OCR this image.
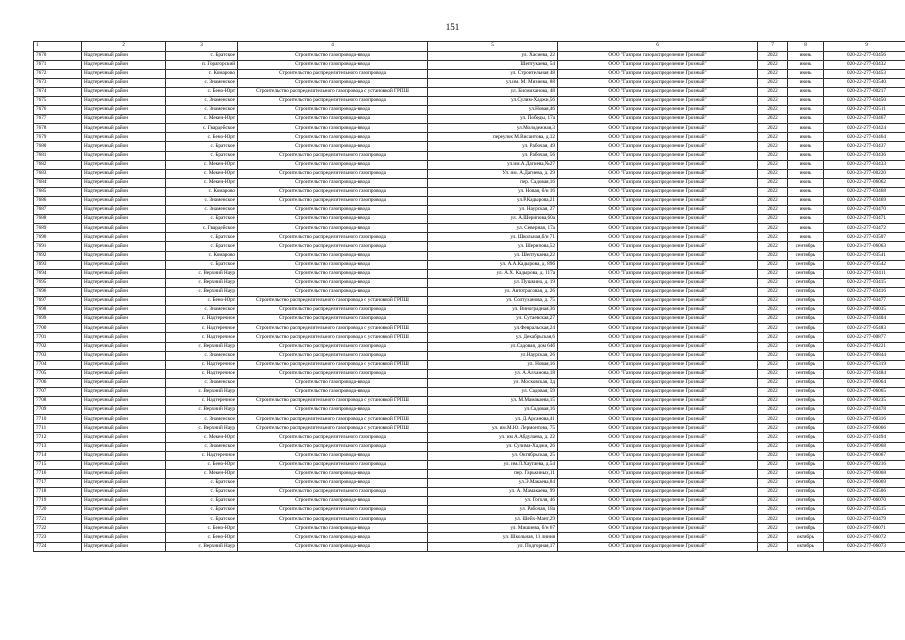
151
1	2	3	4	5	6	7	8	9
7670	Надтеречный район	с. Братское	Строительство газопровода-ввода	ул. Хасиева, 22	ООО "Газпром газораспределение Грозный"	2022	июнь	020-22-277-03456
7671	Надтеречный район	п. Горагорский	Строительство газопровода-ввода	Шептукаева, 54	ООО "Газпром газораспределение Грозный"	2022	июнь	020-22-277-03432
7672	Надтеречный район	с. Комарово	Строительство распределительного газопровода	ул. Строительная 48	ООО "Газпром газораспределение Грозный"	2022	июнь	020-22-277-03453
7673	Надтеречный район	с. Знаменское	Строительство газопровода-ввода	ул.им. М. Мизиева, 88	ООО "Газпром газораспределение Грозный"	2022	июнь	020-22-277-03540
7674	Надтеречный район	с. Бено-Юрт	Строительство распределительного газопровода с установкой ГРПШ	ул. Бисмиханова, 48	ООО "Газпром газораспределение Грозный"	2022	июнь	020-23-277-00217
7675	Надтеречный район	с. Знаменское	Строительство распределительного газопровода	ул.Сулим-Хаджи,56	ООО "Газпром газораспределение Грозный"	2022	июнь	020-22-277-03450
7676	Надтеречный район	с. Знаменское	Строительство газопровода-ввода	ул.Новая,46	ООО "Газпром газораспределение Грозный"	2022	июнь	020-22-277-03511
7677	Надтеречный район	с. Мекен-Юрт	Строительство газопровода-ввода	ул. Победы, 17а	ООО "Газпром газораспределение Грозный"	2022	июнь	020-22-277-03467
7678	Надтеречный район	с. Гвардейское	Строительство газопровода-ввода	ул.Молодежная,3	ООО "Газпром газораспределение Грозный"	2022	июнь	020-22-277-03424
7679	Надтеречный район	с. Бено-Юрт	Строительство газопровода-ввода	переулок М.Висаитова, д.12	ООО "Газпром газораспределение Грозный"	2022	июнь	020-22-277-03464
7680	Надтеречный район	с. Братское	Строительство газопровода-ввода	ул. Рабочая, 49	ООО "Газпром газораспределение Грозный"	2022	июнь	020-22-277-03437
7681	Надтеречный район	с. Братское	Строительство распределительного газопровода	ул. Рабочая, 56	ООО "Газпром газораспределение Грозный"	2022	июнь	020-22-277-03436
7682	Надтеречный район	с. Мекен-Юрт	Строительство газопровода-ввода	ул.им.А.Дагиева,№27	ООО "Газпром газораспределение Грозный"	2022	июнь	020-22-277-03433
7683	Надтеречный район	с. Мекен-Юрт	Строительство распределительного газопровода	Ул. им. А.Дагиева, д. 29	ООО "Газпром газораспределение Грозный"	2022	июнь	020-23-277-00220
7684	Надтеречный район	с. Мекен-Юрт	Строительство газопровода-ввода	пер. Садовая,16	ООО "Газпром газораспределение Грозный"	2022	июнь	020-22-277-06062
7685	Надтеречный район	с. Комарово	Строительство распределительного газопровода	ул. Новая, б/н 16	ООО "Газпром газораспределение Грозный"	2022	июнь	020-22-277-03468
7686	Надтеречный район	с. Знаменское	Строительство распределительного газопровода	ул.Р.Кадырова,21	ООО "Газпром газораспределение Грозный"	2022	июнь	020-22-277-03469
7687	Надтеречный район	с. Знаменское	Строительство газопровода-ввода	ул. Наурская, 27	ООО "Газпром газораспределение Грозный"	2022	июнь	020-22-277-03470
7688	Надтеречный район	с. Братское	Строительство газопровода-ввода	ул. А.Шерипова,60а	ООО "Газпром газораспределение Грозный"	2022	июнь	020-22-277-03471
7689	Надтеречный район	с. Гвардейское	Строительство газопровода-ввода	ул. Северная, 17а	ООО "Газпром газораспределение Грозный"	2022	июнь	020-22-277-03472
7690	Надтеречный район	с. Братское	Строительство распределительного газопровода	ул. Школьная,б/н 71	ООО "Газпром газораспределение Грозный"	2022	июнь	020-22-277-03507
7691	Надтеречный район	с. Братское	Строительство распределительного газопровода	ул. Шерипова,52	ООО "Газпром газораспределение Грозный"	2022	сентябрь	020-23-277-06063
7692	Надтеречный район	с. Комарово	Строительство газопровода-ввода	ул. Шептукаева,22	ООО "Газпром газораспределение Грозный"	2022	сентябрь	020-22-277-03541
7693	Надтеречный район	с. Братское	Строительство газопровода-ввода	ул. А.А.Кадырова, д. 89б	ООО "Газпром газораспределение Грозный"	2022	сентябрь	020-22-277-03542
7694	Надтеречный район	с. Верхний Наур	Строительство газопровода-ввода	ул. А.Х. Кадырова, д. 117а	ООО "Газпром газораспределение Грозный"	2022	сентябрь	020-22-277-03411
7695	Надтеречный район	с. Верхний Наур	Строительство газопровода-ввода	ул. Пушкина, д. 19	ООО "Газпром газораспределение Грозный"	2022	сентябрь	020-22-277-03415
7696	Надтеречный район	с. Верхний Наур	Строительство газопровода-ввода	ул. Автотрасовая, д. 26	ООО "Газпром газораспределение Грозный"	2022	сентябрь	020-22-277-03416
7697	Надтеречный район	с. Бено-Юрт	Строительство распределительного газопровода с установкой ГРПШ	ул. Солтуханова, д. 75	ООО "Газпром газораспределение Грозный"	2022	сентябрь	020-22-277-03477
7698	Надтеречный район	с. Знаменское	Строительство распределительного газопровода	ул. Виноградная,36	ООО "Газпром газораспределение Грозный"	2022	сентябрь	020-23-277-00035
7699	Надтеречный район	с. Надтеречное	Строительство распределительного газопровода	ул. Сутаевская,27	ООО "Газпром газораспределение Грозный"	2022	сентябрь	020-22-277-03404
7700	Надтеречный район	с. Надтеречное	Строительство распределительного газопровода с установкой ГРПШ	ул.Февральская,24	ООО "Газпром газораспределение Грозный"	2022	сентябрь	020-22-277-05483
7701	Надтеречный район	с. Надтеречное	Строительство распределительного газопровода с установкой ГРПШ	ул. Декабрьская,6	ООО "Газпром газораспределение Грозный"	2022	сентябрь	020-22-277-00877
7702	Надтеречный район	с. Верхний Наур	Строительство распределительного газопровода	ул.Садовая, дом 64б	ООО "Газпром газораспределение Грозный"	2022	сентябрь	020-23-277-00221
7703	Надтеречный район	с. Знаменское	Строительство распределительного газопровода	ул.Наурская, 26	ООО "Газпром газораспределение Грозный"	2022	сентябрь	020-23-277-00844
7704	Надтеречный район	с. Надтеречное	Строительство распределительного газопровода с установкой ГРПШ	ул. Новая,16	ООО "Газпром газораспределение Грозный"	2022	сентябрь	020-22-277-05319
7705	Надтеречный район	с. Надтеречное	Строительство распределительного газопровода	ул. А.Алханова,18	ООО "Газпром газораспределение Грозный"	2022	сентябрь	020-22-277-03484
7706	Надтеречный район	с. Знаменское	Строительство газопровода-ввода	ул. Московская, 3д	ООО "Газпром газораспределение Грозный"	2022	сентябрь	020-23-277-06064
7707	Надтеречный район	с. Верхний Наур	Строительство газопровода-ввода	ул. Садовая, 59	ООО "Газпром газораспределение Грозный"	2022	сентябрь	020-23-277-06065
7708	Надтеречный район	с. Надтеречное	Строительство распределительного газопровода с установкой ГРПШ	ул. М.Мамакаева,15	ООО "Газпром газораспределение Грозный"	2022	сентябрь	020-23-277-00235
7709	Надтеречный район	с. Верхний Наур	Строительство газопровода-ввода	ул.Садовая,16	ООО "Газпром газораспределение Грозный"	2022	сентябрь	020-22-277-03478
7710	Надтеречный район	с. Знаменское	Строительство распределительного газопровода с установкой ГРПШ	ул. Д.Арсанова,41	ООО "Газпром газораспределение Грозный"	2022	сентябрь	020-23-277-00316
7711	Надтеречный район	с. Верхний Наур	Строительство распределительного газопровода с установкой ГРПШ	ул. им.М.Ю. Лермонтова, 75	ООО "Газпром газораспределение Грозный"	2022	сентябрь	020-23-277-06066
7712	Надтеречный район	с. Мекен-Юрт	Строительство распределительного газопровода	ул. им А.Абдулаева, д. 22	ООО "Газпром газораспределение Грозный"	2022	сентябрь	020-22-277-03494
7713	Надтеречный район	с. Знаменское	Строительство распределительного газопровода	ул. Сулима-Хаджи, 26	ООО "Газпром газораспределение Грозный"	2022	сентябрь	020-23-277-00968
7714	Надтеречный район	с. Надтеречное	Строительство газопровода-ввода	ул. Октябрьская, 25	ООО "Газпром газораспределение Грозный"	2022	сентябрь	020-23-277-06067
7715	Надтеречный район	с. Бено-Юрт	Строительство распределительного газопровода	ул. им.Л.Хаутаева, д.54	ООО "Газпром газораспределение Грозный"	2022	сентябрь	020-23-277-00216
7716	Надтеречный район	с. Мекен-Юрт	Строительство газопровода-ввода	пер. Гарькиных,11	ООО "Газпром газораспределение Грозный"	2022	сентябрь	020-23-277-06068
7717	Надтеречный район	с. Братское	Строительство газопровода-ввода	ул.Э.Макаева,84	ООО "Газпром газораспределение Грозный"	2022	сентябрь	020-23-277-06069
7718	Надтеречный район	с. Братское	Строительство распределительного газопровода	ул. А. Мамакаева, 99	ООО "Газпром газораспределение Грозный"	2022	сентябрь	020-22-277-03506
7719	Надтеречный район	с. Братское	Строительство газопровода-ввода	ул. Гоголя, 46	ООО "Газпром газораспределение Грозный"	2022	сентябрь	020-23-277-06070
7720	Надтеречный район	с. Братское	Строительство распределительного газопровода	ул. Рабочая, 18а	ООО "Газпром газораспределение Грозный"	2022	сентябрь	020-22-277-03515
7721	Надтеречный район	с. Братское	Строительство распределительного газопровода	ул. Шейх-Мант,29	ООО "Газпром газораспределение Грозный"	2022	сентябрь	020-22-277-03479
7722	Надтеречный район	с. Бено-Юрт	Строительство газопровода-ввода	ул. Мишиева, б/н 67	ООО "Газпром газораспределение Грозный"	2022	сентябрь	020-23-277-06071
7723	Надтеречный район	с. Бено-Юрт	Строительство газопровода-ввода	ул. Школьная, 11 линия	ООО "Газпром газораспределение Грозный"	2022	октябрь	020-23-277-06072
7724	Надтеречный район	с. Верхний Наур	Строительство газопровода-ввода	ул. Подгорная,17	ООО "Газпром газораспределение Грозный"	2022	октябрь	020-23-277-06073
